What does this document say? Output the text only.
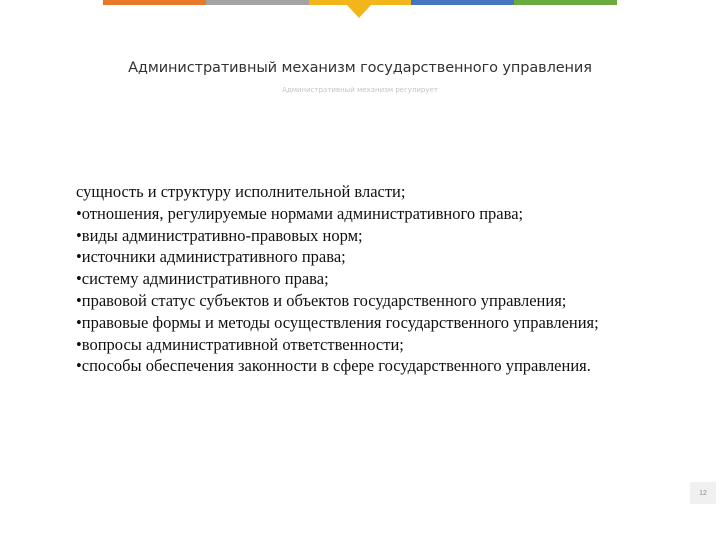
Административный механизм государственного управления
Административный механизм регулирует
сущность и структуру исполнительной власти;
•отношения, регулируемые нормами административного права;
•виды административно-правовых норм;
•источники административного права;
•систему административного права;
•правовой статус субъектов и объектов государственного управления;
•правовые формы и методы осуществления государственного управления;
•вопросы административной ответственности;
•способы обеспечения законности в сфере государственного управления.
12
